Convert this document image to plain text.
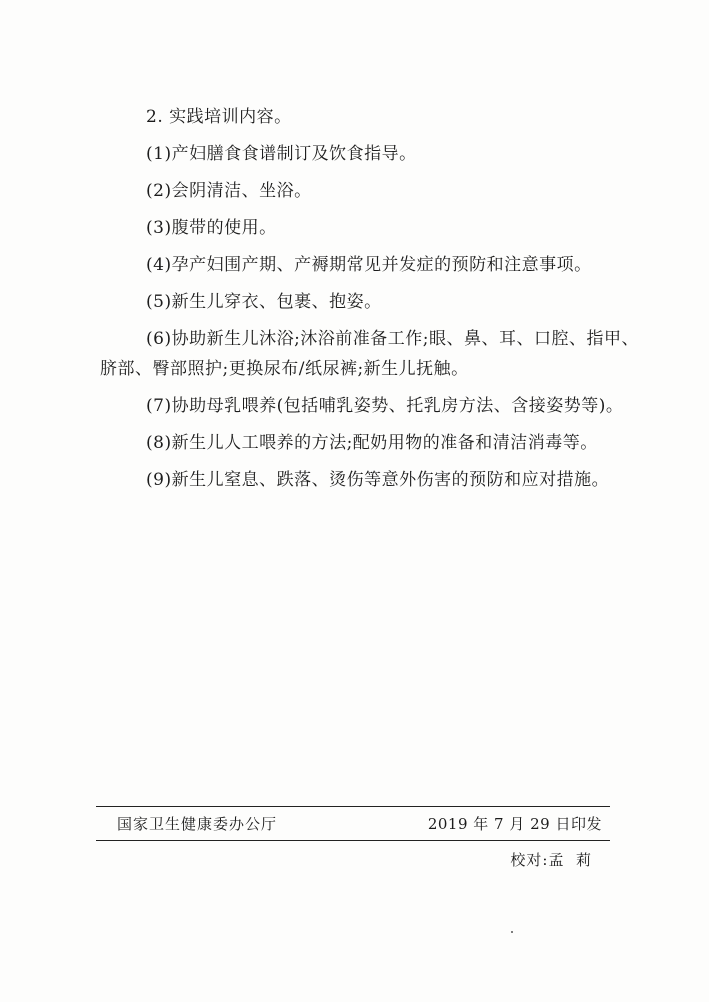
2. 实践培训内容。

(1)产妇膳食食谱制订及饮食指导。

(2)会阴清洁、坐浴。

(3)腹带的使用。

(4)孕产妇围产期、产褥期常见并发症的预防和注意事项。

(5)新生儿穿衣、包裹、抱姿。

(6)协助新生儿沐浴;沐浴前准备工作;眼、鼻、耳、口腔、指甲、脐部、臀部照护;更换尿布/纸尿裤;新生儿抚触。

(7)协助母乳喂养(包括哺乳姿势、托乳房方法、含接姿势等)。

(8)新生儿人工喂养的方法;配奶用物的准备和清洁消毒等。

(9)新生儿窒息、跌落、烫伤等意外伤害的预防和应对措施。

国家卫生健康委办公厅	2019 年 7 月 29 日印发
校对:孟  莉
